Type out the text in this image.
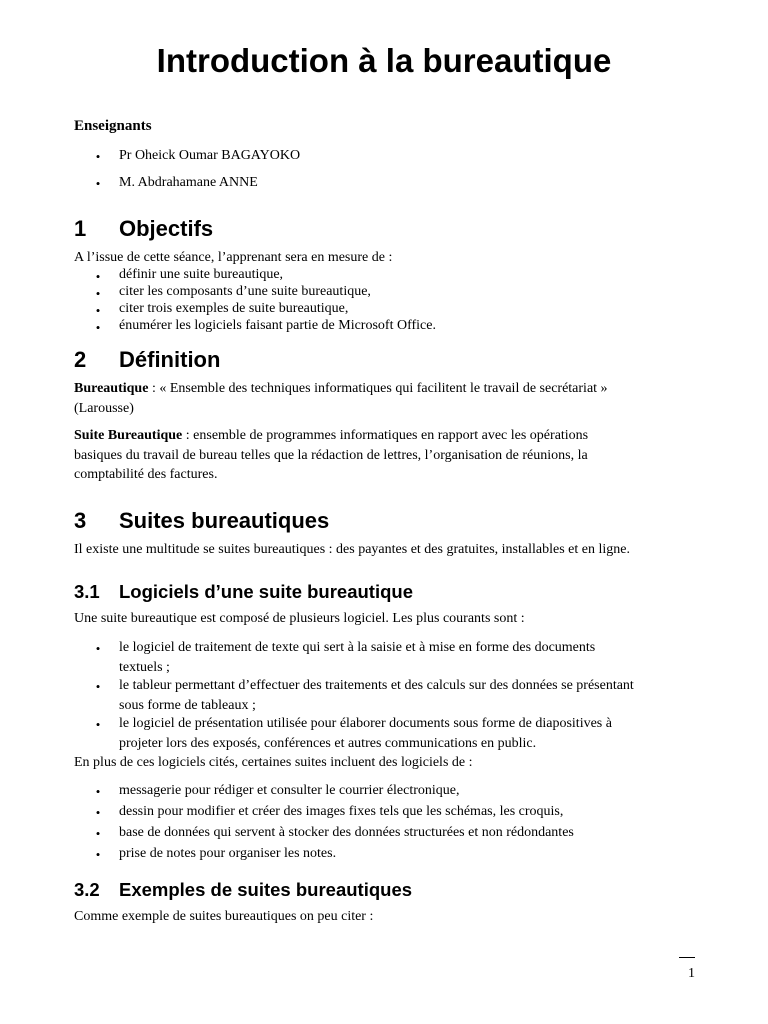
Introduction à la bureautique
Enseignants
• Pr Oheick Oumar BAGAYOKO
• M. Abdrahamane ANNE
1 Objectifs
A l’issue de cette séance, l’apprenant sera en mesure de :
• définir une suite bureautique,
• citer les composants d’une suite bureautique,
• citer trois exemples de suite bureautique,
• énumérer les logiciels faisant partie de Microsoft Office.
2 Définition
Bureautique : « Ensemble des techniques informatiques qui facilitent le travail de secrétariat »
(Larousse)
Suite Bureautique : ensemble de programmes informatiques en rapport avec les opérations
basiques du travail de bureau telles que la rédaction de lettres, l’organisation de réunions, la
comptabilité des factures.
3 Suites bureautiques
Il existe une multitude se suites bureautiques : des payantes et des gratuites, installables et en ligne.
3.1 Logiciels d’une suite bureautique
Une suite bureautique est composé de plusieurs logiciel. Les plus courants sont :
• le logiciel de traitement de texte qui sert à la saisie et à mise en forme des documents
textuels ;
• le tableur permettant d’effectuer des traitements et des calculs sur des données se présentant
sous forme de tableaux ;
• le logiciel de présentation utilisée pour élaborer documents sous forme de diapositives à
projeter lors des exposés, conférences et autres communications en public.
En plus de ces logiciels cités, certaines suites incluent des logiciels de :
• messagerie pour rédiger et consulter le courrier électronique,
• dessin pour modifier et créer des images fixes tels que les schémas, les croquis,
• base de données qui servent à stocker des données structurées et non rédondantes
• prise de notes pour organiser les notes.
3.2 Exemples de suites bureautiques
Comme exemple de suites bureautiques on peu citer :
1
